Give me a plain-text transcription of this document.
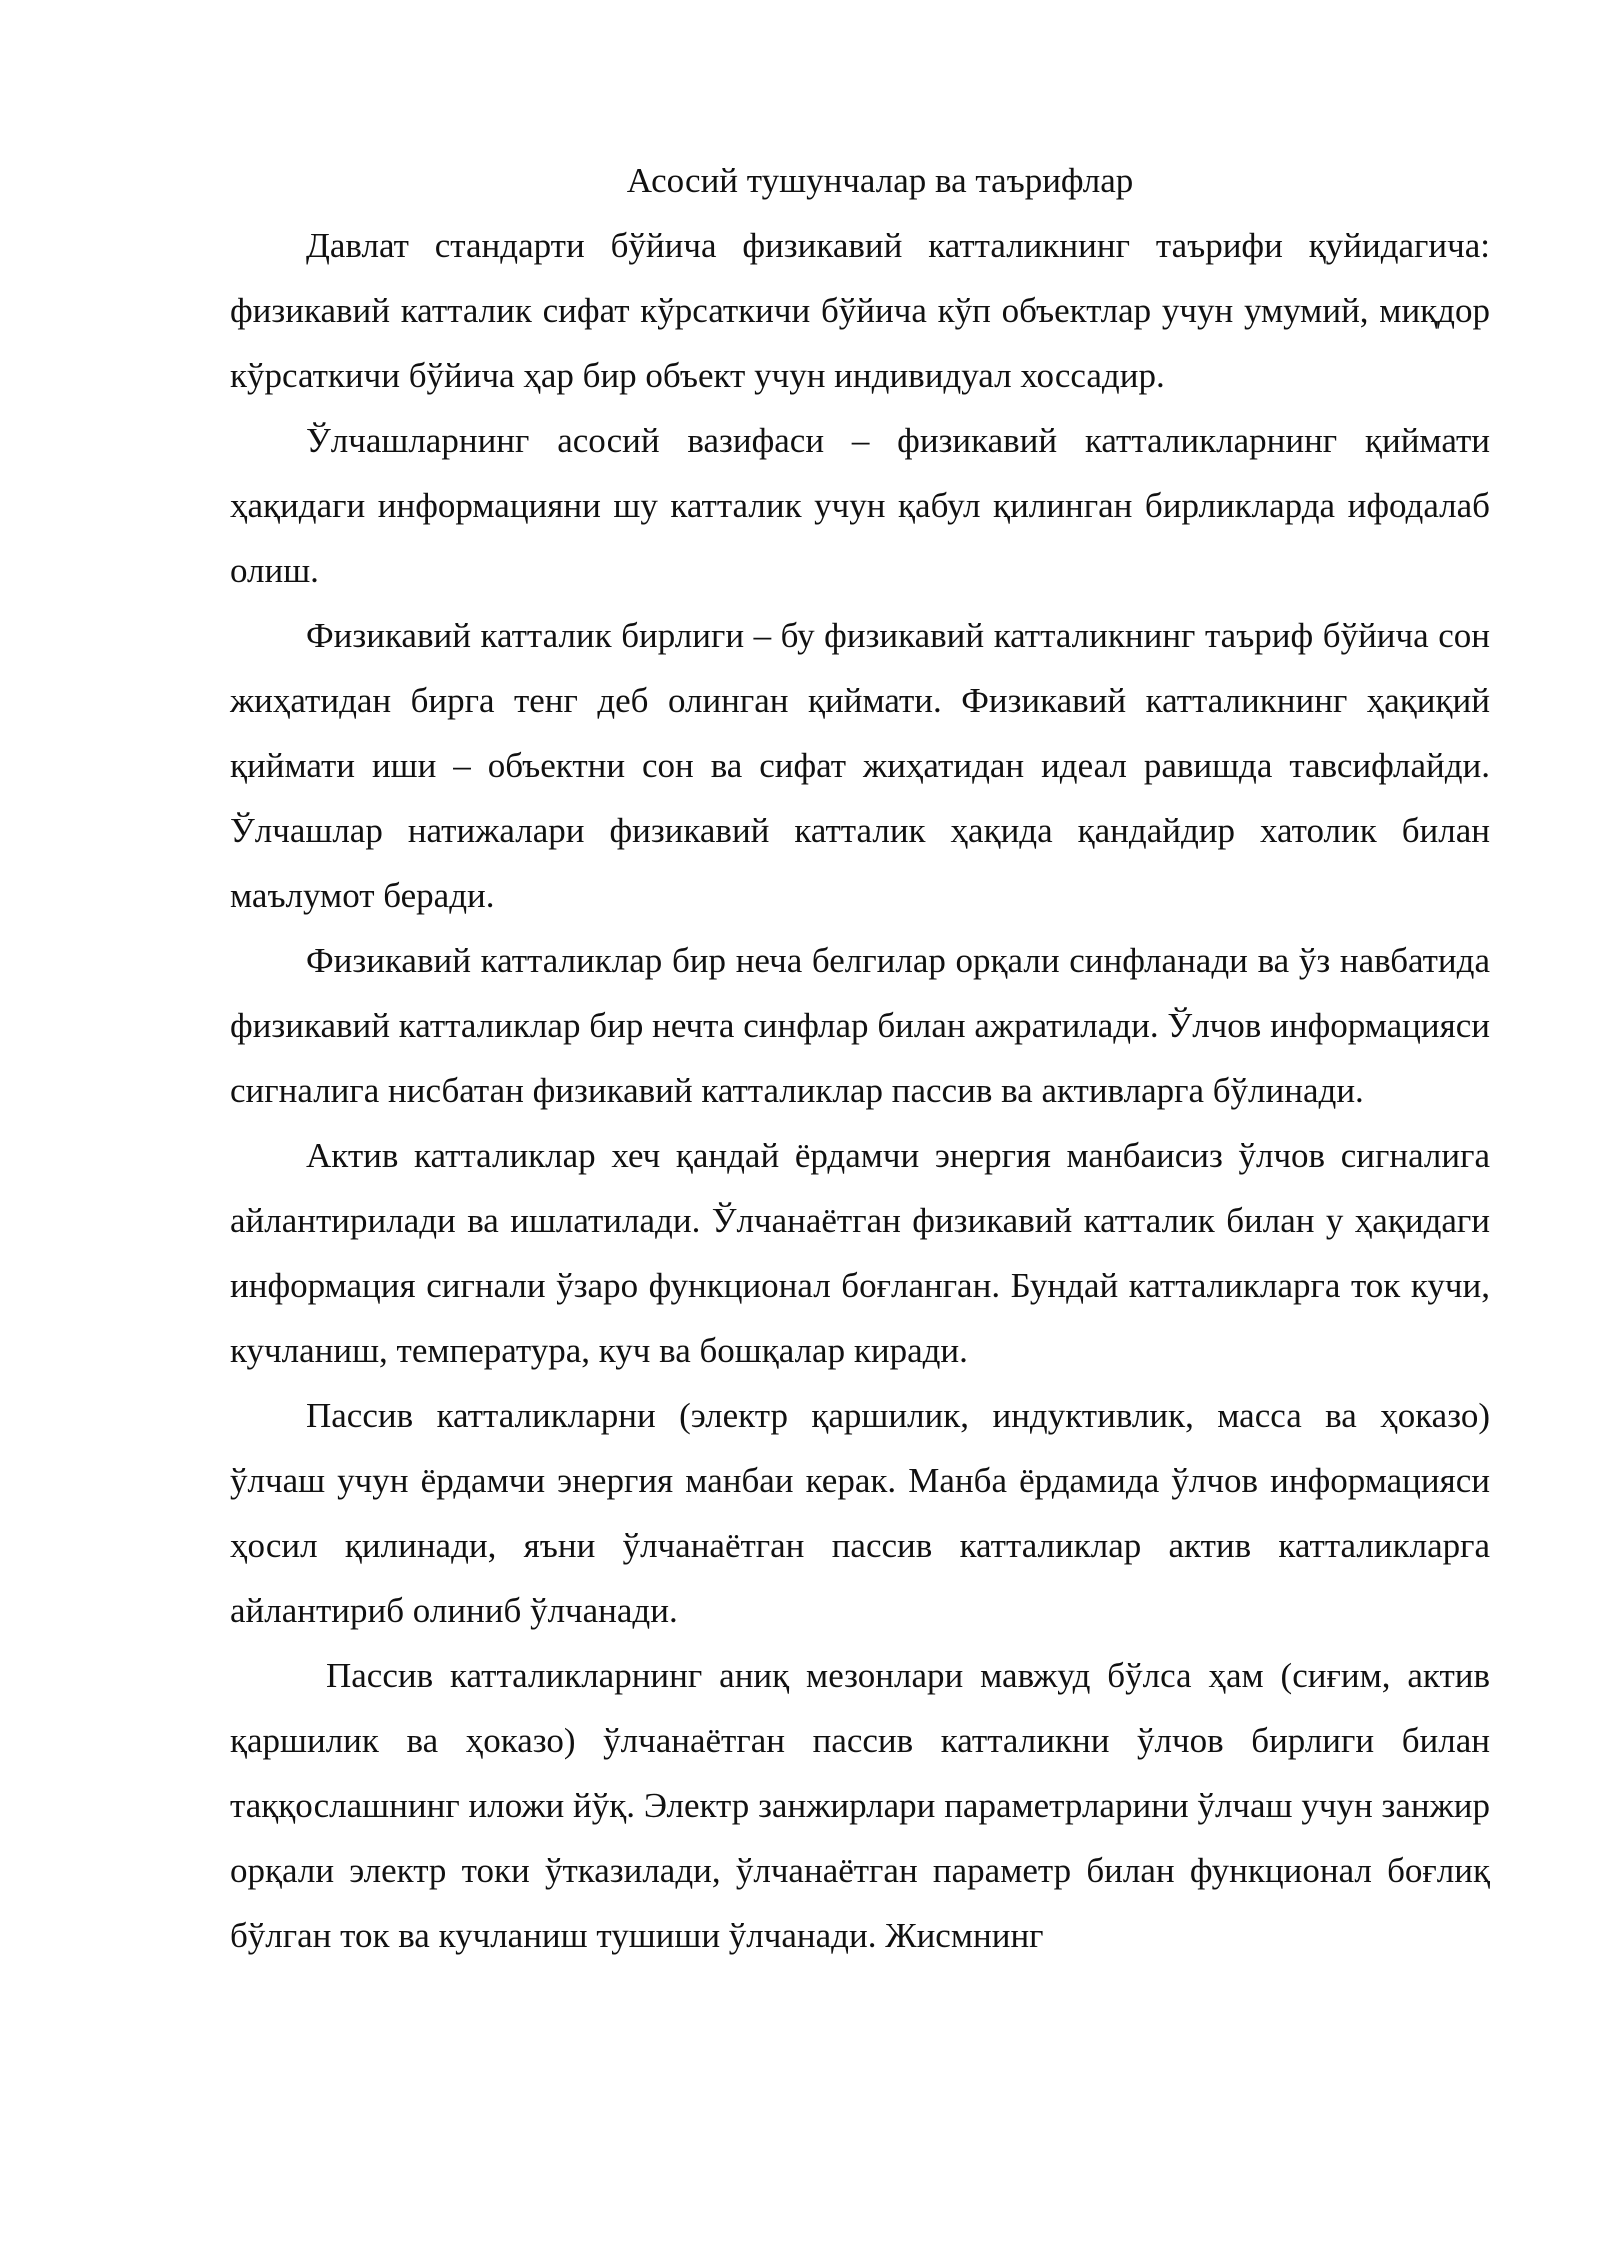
Асосий тушунчалар ва таърифлар

Давлат стандарти бўйича физикавий катталикнинг таърифи қуйидагича: физикавий катталик сифат кўрсаткичи бўйича кўп объектлар учун умумий, миқдор кўрсаткичи бўйича ҳар бир объект учун индивидуал хоссадир.

Ўлчашларнинг асосий вазифаси – физикавий катталикларнинг қиймати ҳақидаги информацияни шу катталик учун қабул қилинган бирликларда ифодалаб олиш.

Физикавий катталик бирлиги – бу физикавий катталикнинг таъриф бўйича сон жиҳатидан бирга тенг деб олинган қиймати. Физикавий катталикнинг ҳақиқий қиймати иши – объектни сон ва сифат жиҳатидан идеал равишда тавсифлайди. Ўлчашлар натижалари физикавий катталик ҳақида қандайдир хатолик билан маълумот беради.

Физикавий катталиклар бир неча белгилар орқали синфланади ва ўз навбатида физикавий катталиклар бир нечта синфлар билан ажратилади. Ўлчов информацияси сигналига нисбатан физикавий катталиклар пассив ва активларга бўлинади.

Актив катталиклар хеч қандай ёрдамчи энергия манбаисиз ўлчов сигналига айлантирилади ва ишлатилади. Ўлчанаётган физикавий катталик билан у ҳақидаги информация сигнали ўзаро функционал боғланган. Бундай катталикларга ток кучи, кучланиш, температура, куч ва бошқалар киради.

Пассив катталикларни (электр қаршилик, индуктивлик, масса ва ҳоказо) ўлчаш учун ёрдамчи энергия манбаи керак. Манба ёрдамида ўлчов информацияси ҳосил қилинади, яъни ўлчанаётган пассив катталиклар актив катталикларга айлантириб олиниб ўлчанади.

Пассив катталикларнинг аниқ мезонлари мавжуд бўлса ҳам (сиғим, актив қаршилик ва ҳоказо) ўлчанаётган пассив катталикни ўлчов бирлиги билан таққослашнинг иложи йўқ. Электр занжирлари параметрларини ўлчаш учун занжир орқали электр токи ўтказилади, ўлчанаётган параметр билан функционал боғлиқ бўлган ток ва кучланиш тушиши ўлчанади. Жисмнинг
